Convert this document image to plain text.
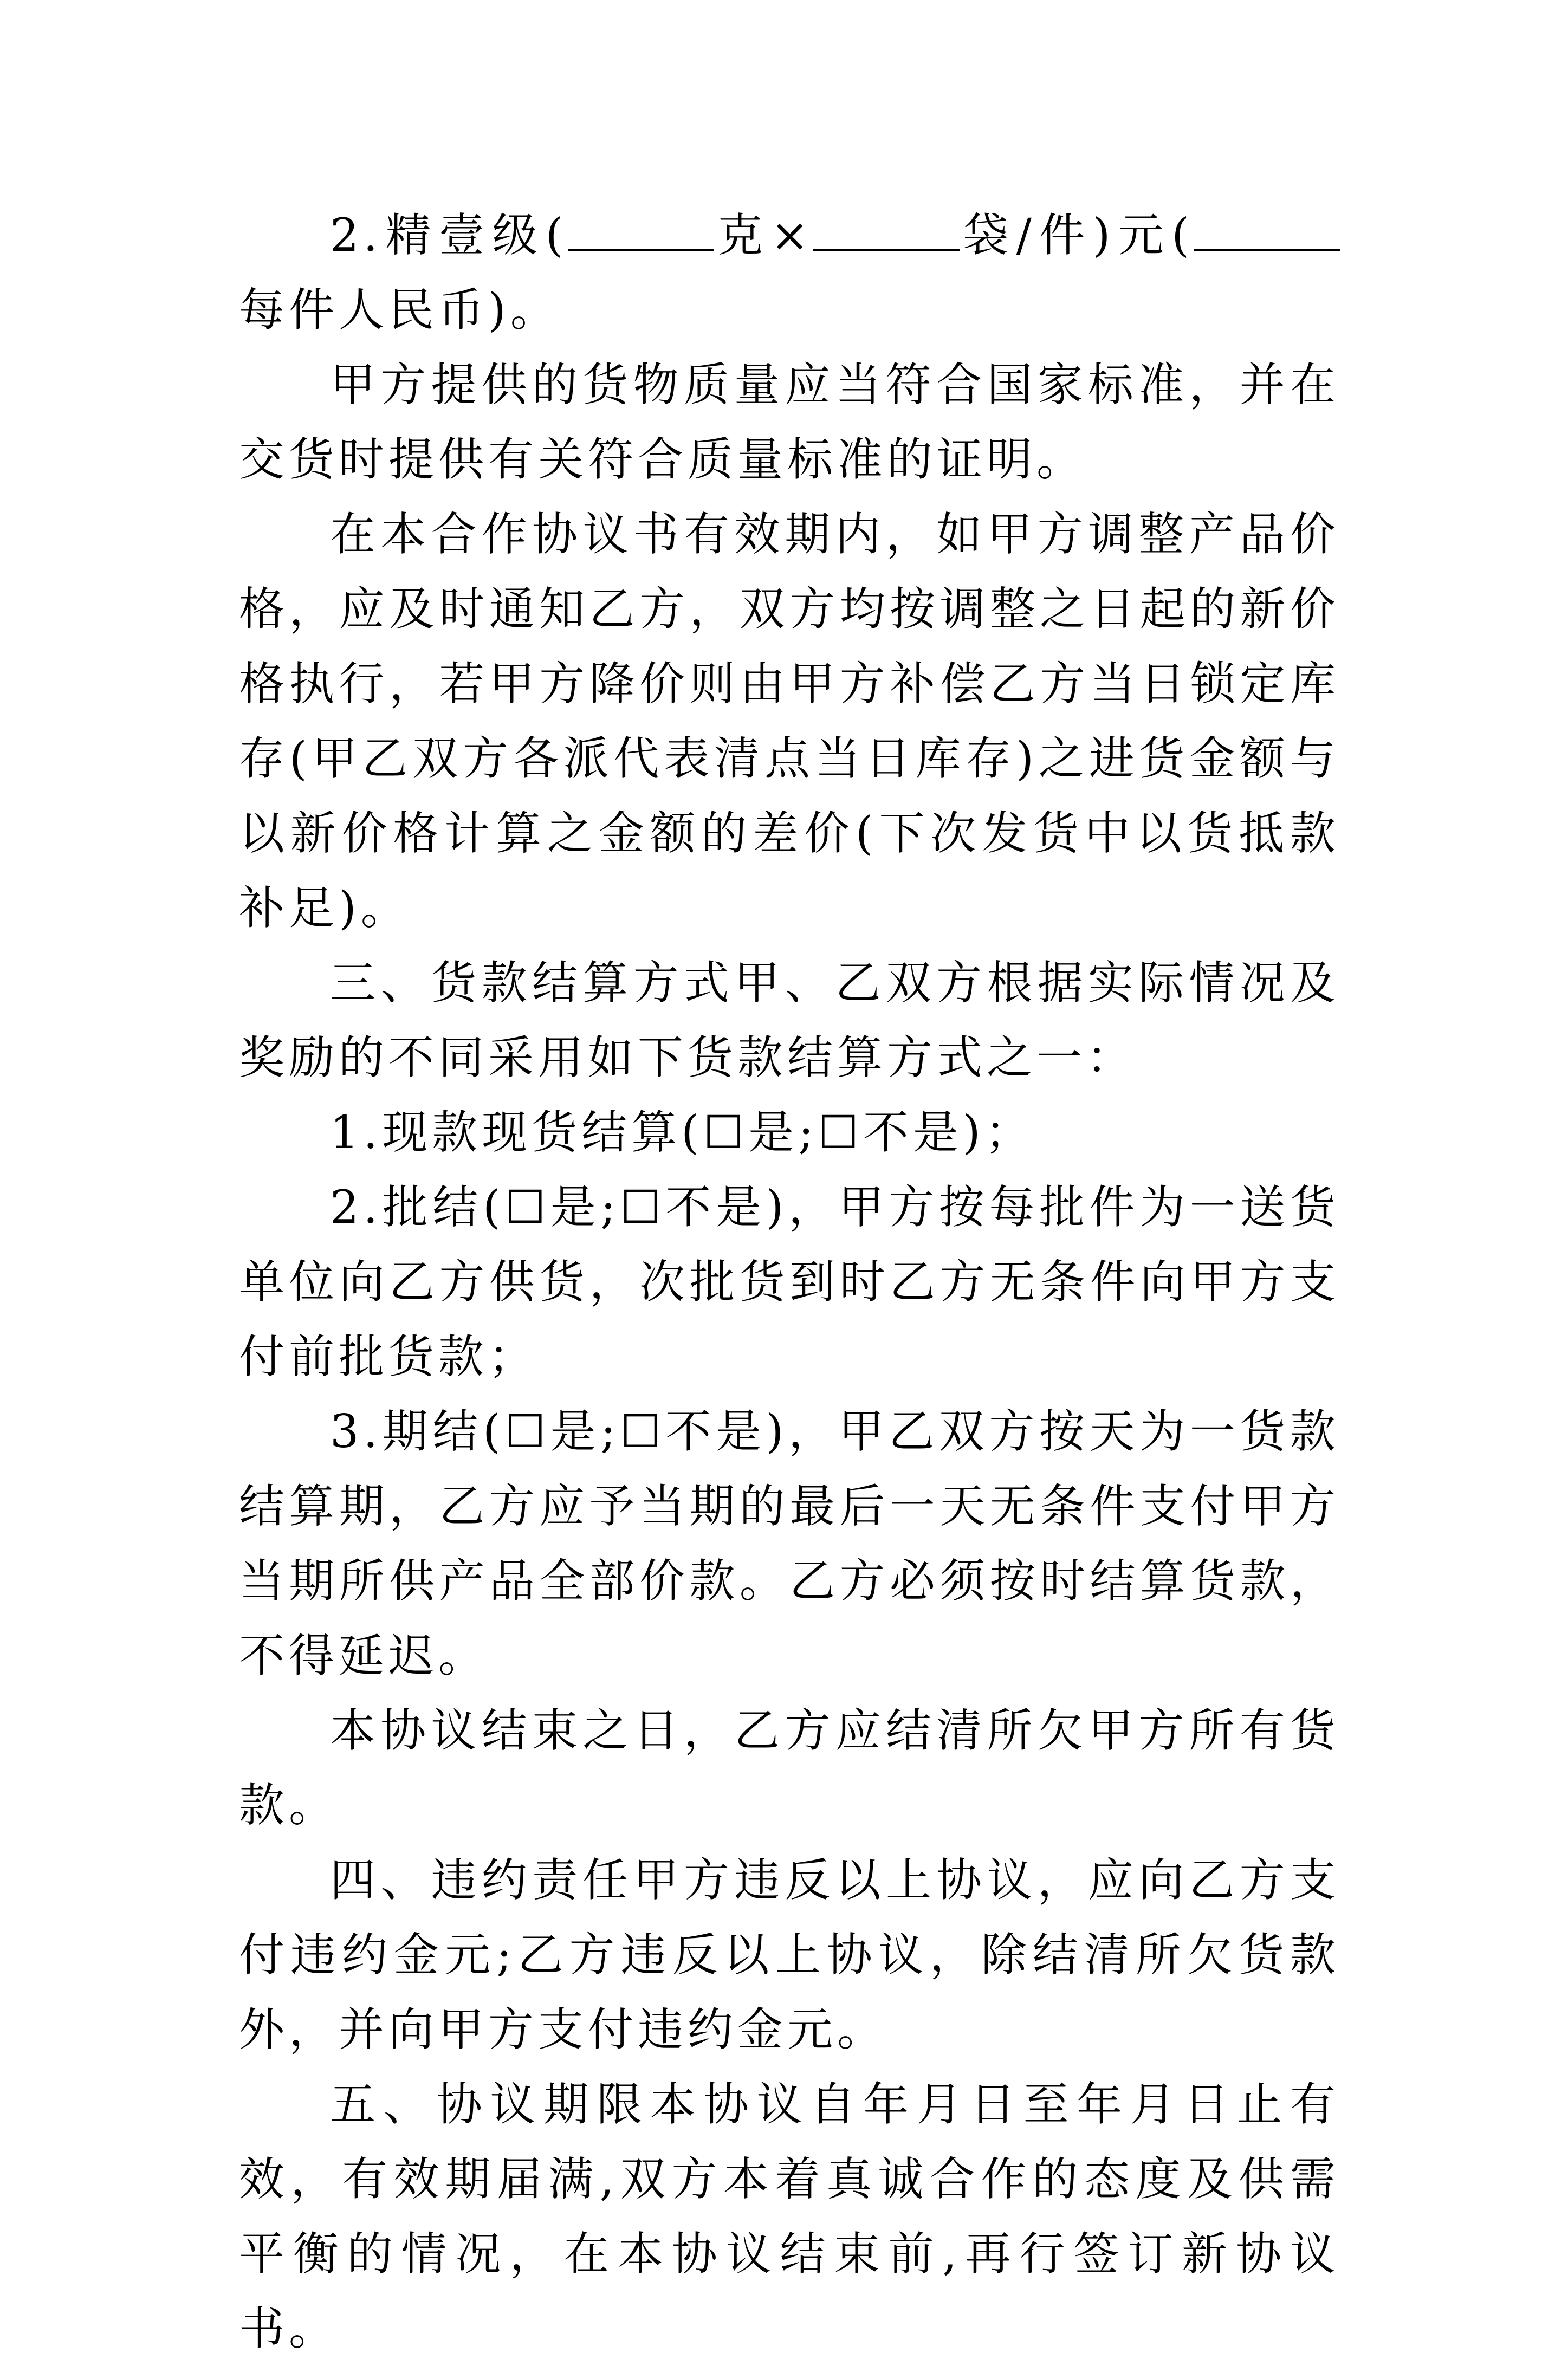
2.精壹级(	克×	袋/件)元(每件人民币)。

甲方提供的货物质量应当符合国家标准，并在交货时提供有关符合质量标准的证明。

在本合作协议书有效期内，如甲方调整产品价格，应及时通知乙方，双方均按调整之日起的新价格执行，若甲方降价则由甲方补偿乙方当日锁定库存(甲乙双方各派代表清点当日库存)之进货金额与以新价格计算之金额的差价(下次发货中以货抵款补足)。

三、货款结算方式甲、乙双方根据实际情况及奖励的不同采用如下货款结算方式之一：

1.现款现货结算(☐是;☐不是)；

2.批结(☐是;☐不是)，甲方按每批件为一送货单位向乙方供货，次批货到时乙方无条件向甲方支付前批货款；

3.期结(☐是;☐不是)，甲乙双方按天为一货款结算期，乙方应予当期的最后一天无条件支付甲方当期所供产品全部价款。乙方必须按时结算货款，不得延迟。

本协议结束之日，乙方应结清所欠甲方所有货款。

四、违约责任甲方违反以上协议，应向乙方支付违约金元;乙方违反以上协议，除结清所欠货款外，并向甲方支付违约金元。

五、协议期限本协议自年月日至年月日止有效，有效期届满,双方本着真诚合作的态度及供需平衡的情况，在本协议结束前,再行签订新协议书。
